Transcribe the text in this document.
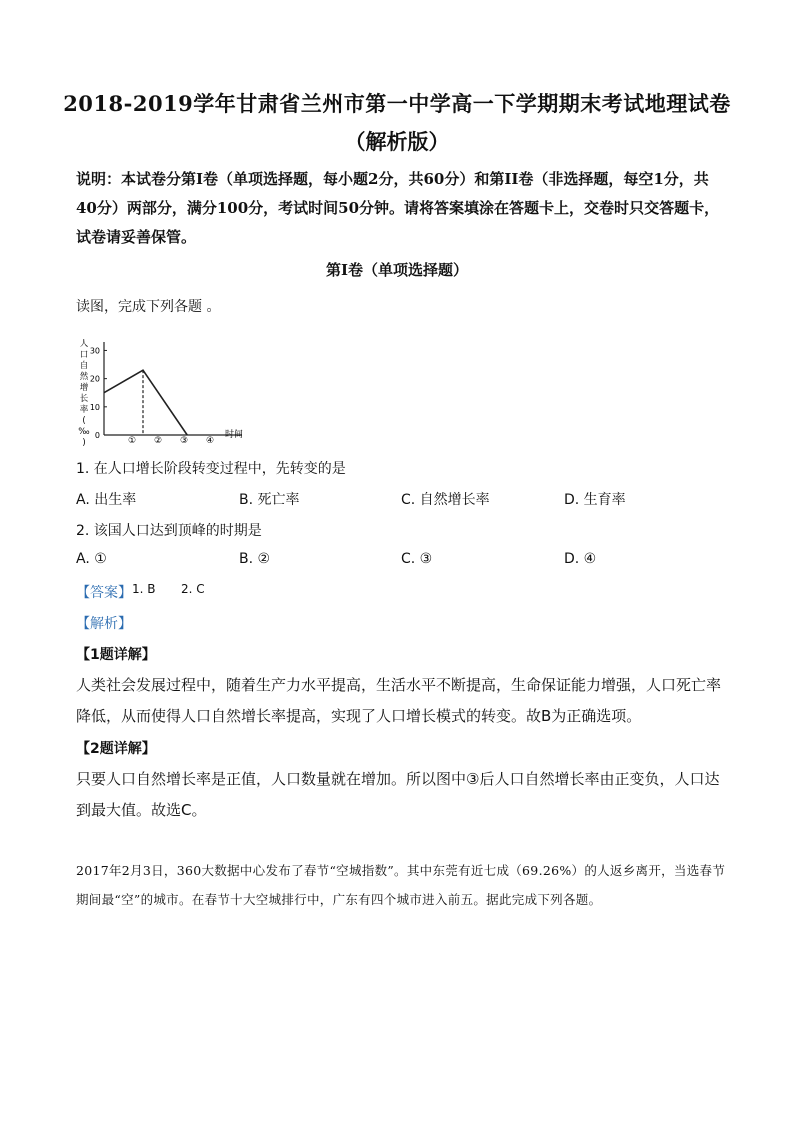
2018-2019学年甘肃省兰州市第一中学高一下学期期末考试地理试卷
（解析版）
说明：本试卷分第I卷（单项选择题，每小题2分，共60分）和第II卷（非选择题，每空1分，共40分）两部分，满分100分，考试时间50分钟。请将答案填涂在答题卡上，交卷时只交答题卡，试卷请妥善保管。
第I卷（单项选择题）
读图，完成下列各题 。
人
口
自
然
增
长
率
(
‰
)
30
20
10
0
① ② ③ ④
时间
1. 在人口增长阶段转变过程中，先转变的是
A. 出生率	B. 死亡率	C. 自然增长率	D. 生育率
2. 该国人口达到顶峰的时期是
A. ①	B. ②	C. ③	D. ④
【答案】 1. B 2. C
【解析】
【1题详解】
人类社会发展过程中，随着生产力水平提高，生活水平不断提高，生命保证能力增强，人口死亡率降低，从而使得人口自然增长率提高，实现了人口增长模式的转变。故B为正确选项。
【2题详解】
只要人口自然增长率是正值，人口数量就在增加。所以图中③后人口自然增长率由正变负，人口达到最大值。故选C。
2017年2月3日，360大数据中心发布了春节“空城指数”。其中东莞有近七成（69.26%）的人返乡离开，当选春节期间最“空”的城市。在春节十大空城排行中，广东有四个城市进入前五。据此完成下列各题。
